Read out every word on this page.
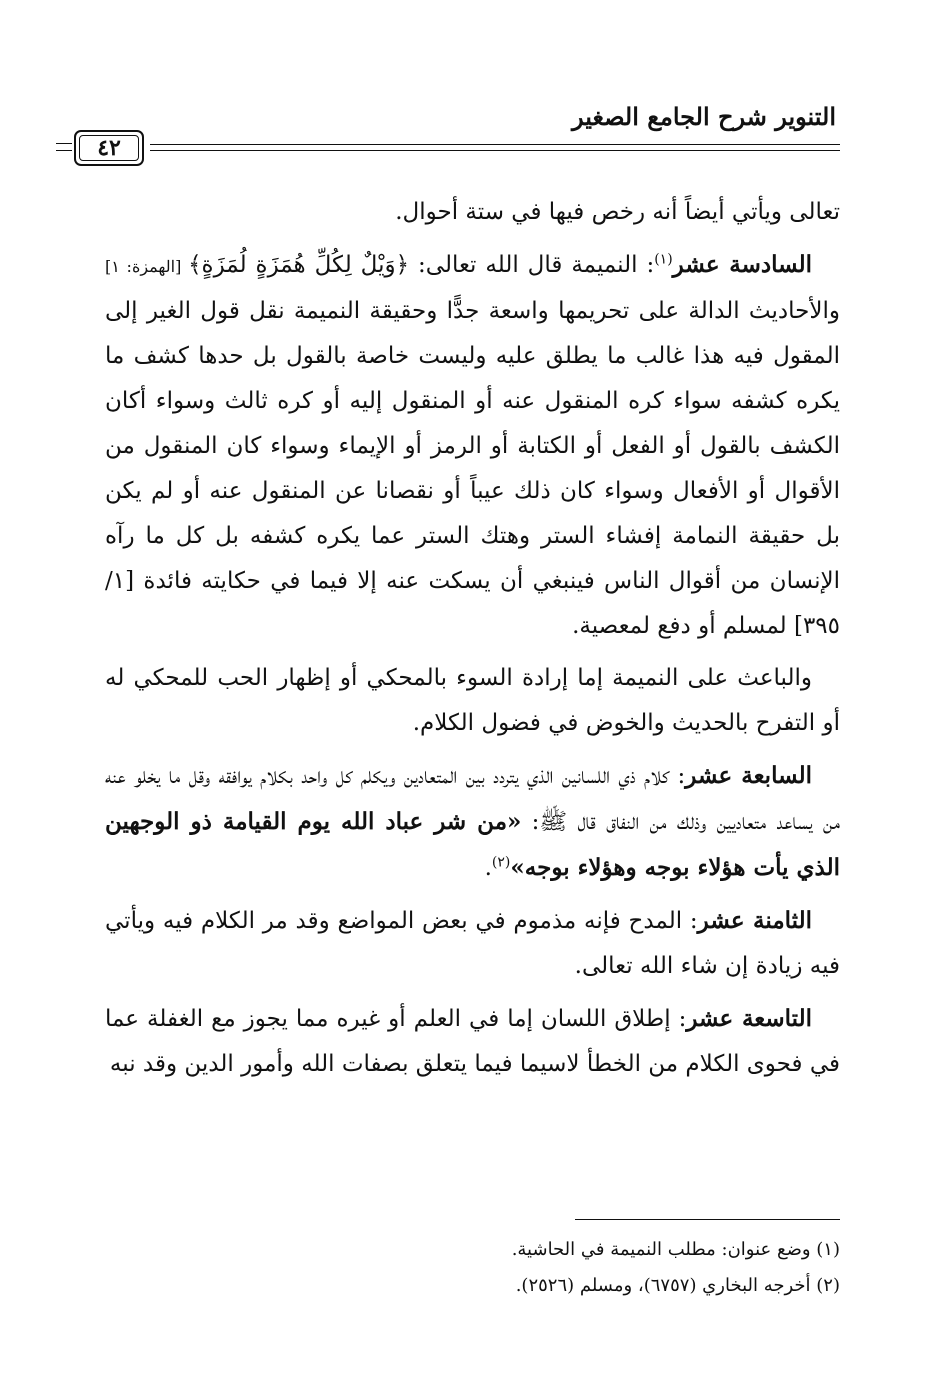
التنوير شرح الجامع الصغير
٤٢

تعالى ويأتي أيضاً أنه رخص فيها في ستة أحوال.

السادسة عشر$^{(١)}$: النميمة قال الله تعالى: ﴿وَيْلٌ لِكُلِّ هُمَزَةٍ لُمَزَةٍ﴾ [الهمزة: ١] والأحاديث الدالة على تحريمها واسعة جدًّا وحقيقة النميمة نقل قول الغير إلى المقول فيه هذا غالب ما يطلق عليه وليست خاصة بالقول بل حدها كشف ما يكره كشفه سواء كره المنقول عنه أو المنقول إليه أو كره ثالث وسواء أكان الكشف بالقول أو الفعل أو الكتابة أو الرمز أو الإيماء وسواء كان المنقول من الأقوال أو الأفعال وسواء كان ذلك عيباً أو نقصانا عن المنقول عنه أو لم يكن بل حقيقة النمامة إفشاء الستر وهتك الستر عما يكره كشفه بل كل ما رآه الإنسان من أقوال الناس فينبغي أن يسكت عنه إلا فيما في حكايته فائدة [١/ ٣٩٥] لمسلم أو دفع لمعصية.

والباعث على النميمة إما إرادة السوء بالمحكي أو إظهار الحب للمحكي له أو التفرح بالحديث والخوض في فضول الكلام.

السابعة عشر: كلام ذي اللسانين الذي يتردد بين المتعادين ويكلم كل واحد بكلام يوافقه وقل ما يخلو عنه من يساعد متعاديين وذلك من النفاق قال ﷺ: «من شر عباد الله يوم القيامة ذو الوجهين الذي يأت هؤلاء بوجه وهؤلاء بوجه»$^{(٢)}$.

الثامنة عشر: المدح فإنه مذموم في بعض المواضع وقد مر الكلام فيه ويأتي فيه زيادة إن شاء الله تعالى.

التاسعة عشر: إطلاق اللسان إما في العلم أو غيره مما يجوز مع الغفلة عما في فحوى الكلام من الخطأ لاسيما فيما يتعلق بصفات الله وأمور الدين وقد نبه

(١) وضع عنوان: مطلب النميمة في الحاشية.

(٢) أخرجه البخاري (٦٧٥٧)، ومسلم (٢٥٢٦).
